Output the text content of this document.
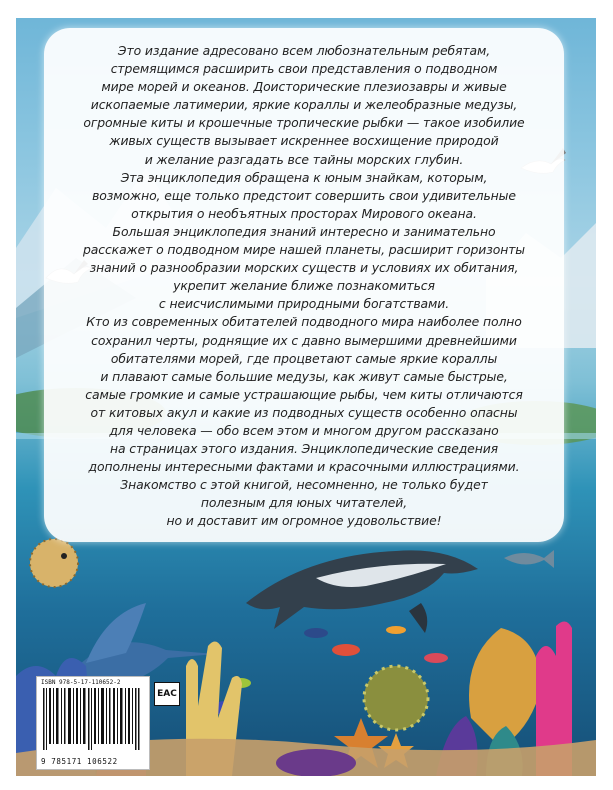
Это издание адресовано всем любознательным ребятам,
стремящимся расширить свои представления о подводном
мире морей и океанов. Доисторические плезиозавры и живые
ископаемые латимерии, яркие кораллы и желеобразные медузы,
огромные киты и крошечные тропические рыбки — такое изобилие
живых существ вызывает искреннее восхищение природой
и желание разгадать все тайны морских глубин.
Эта энциклопедия обращена к юным знайкам, которым,
возможно, еще только предстоит совершить свои удивительные
открытия о необъятных просторах Мирового океана.
Большая энциклопедия знаний интересно и занимательно
расскажет о подводном мире нашей планеты, расширит горизонты
знаний о разнообразии морских существ и условиях их обитания,
укрепит желание ближе познакомиться
с неисчислимыми природными богатствами.
Кто из современных обитателей подводного мира наиболее полно
сохранил черты, роднящие их с давно вымершими древнейшими
обитателями морей, где процветают самые яркие кораллы
и плавают самые большие медузы, как живут самые быстрые,
самые громкие и самые устрашающие рыбы, чем киты отличаются
от китовых акул и какие из подводных существ особенно опасны
для человека — обо всем этом и многом другом рассказано
на страницах этого издания. Энциклопедические сведения
дополнены интересными фактами и красочными иллюстрациями.
Знакомство с этой книгой, несомненно, не только будет
полезным для юных читателей,
но и доставит им огромное удовольствие!
ISBN 978-5-17-110652-2
9 785171 106522
EAC
